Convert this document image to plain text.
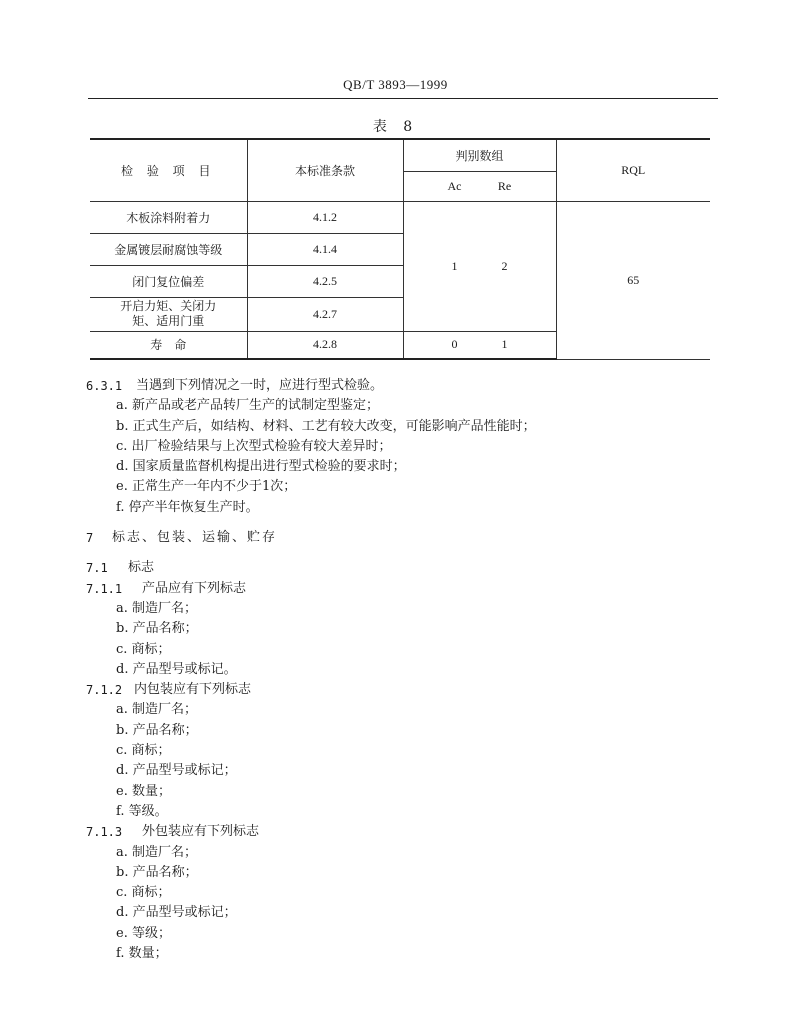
QB/T 3893—1999
表 8
检 验 项 目	本标准条款	判别数组	RQL
		Ac Re	
木板涂料附着力	4.1.2	1 2	65
金属镀层耐腐蚀等级	4.1.4		
闭门复位偏差	4.2.5		

开启力矩、关闭力
矩、适用门重	4.2.7		
寿　命	4.2.8	0 1	
6.3.1 当遇到下列情况之一时，应进行型式检验。
a. 新产品或老产品转厂生产的试制定型鉴定；
b. 正式生产后，如结构、材料、工艺有较大改变，可能影响产品性能时；
c. 出厂检验结果与上次型式检验有较大差异时；
d. 国家质量监督机构提出进行型式检验的要求时；
e. 正常生产一年内不少于1次；
f. 停产半年恢复生产时。
7 标志、包装、运输、贮存
7.1 标志
7.1.1 产品应有下列标志
a. 制造厂名；
b. 产品名称；
c. 商标；
d. 产品型号或标记。
7.1.2 内包装应有下列标志
a. 制造厂名；
b. 产品名称；
c. 商标；
d. 产品型号或标记；
e. 数量；
f. 等级。
7.1.3 外包装应有下列标志
a. 制造厂名；
b. 产品名称；
c. 商标；
d. 产品型号或标记；
e. 等级；
f. 数量；
